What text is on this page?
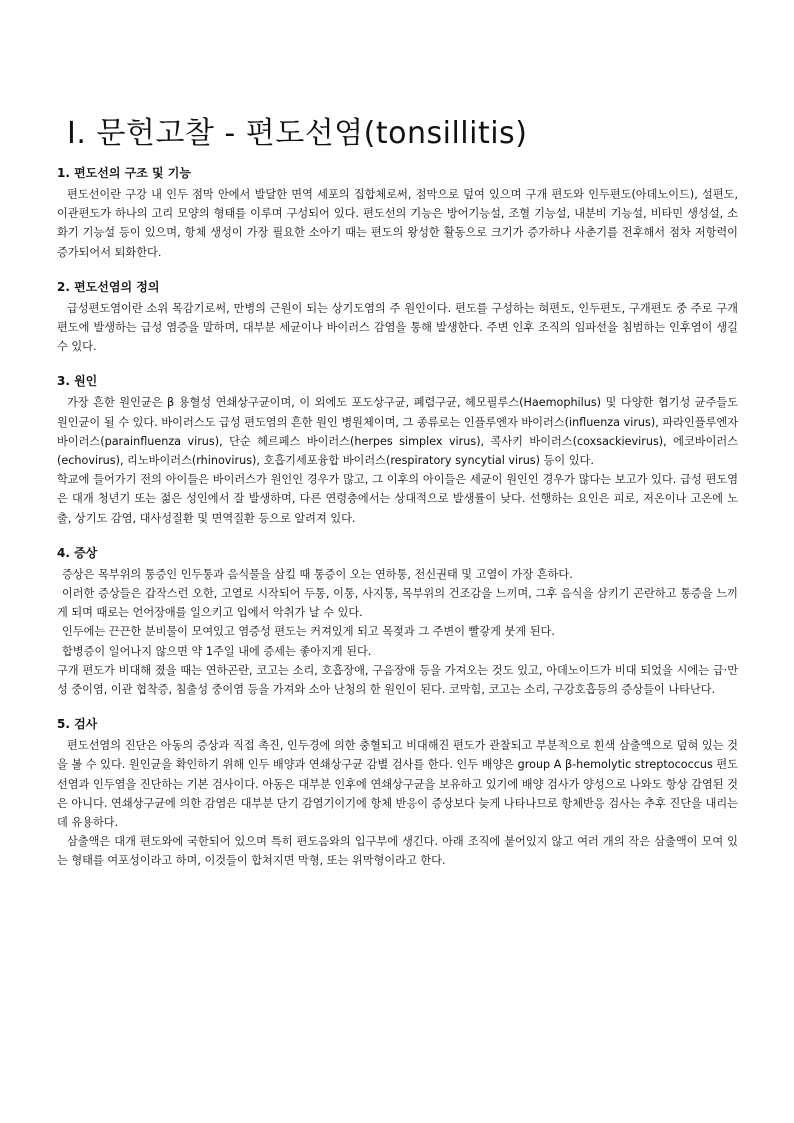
Ⅰ. 문헌고찰 - 편도선염(tonsillitis)
1. 편도선의 구조 및 기능

편도선이란 구강 내 인두 점막 안에서 발달한 면역 세포의 집합체로써, 점막으로 덮여 있으며 구개 편도와 인두편도(아데노이드), 설편도, 이관편도가 하나의 고리 모양의 형태를 이루며 구성되어 있다. 편도선의 기능은 방어기능설, 조혈 기능설, 내분비 기능설, 비타민 생성설, 소화기 기능설 등이 있으며, 항체 생성이 가장 필요한 소아기 때는 편도의 왕성한 활동으로 크기가 증가하나 사춘기를 전후해서 점차 저항력이 증가되어서 퇴화한다.

2. 편도선염의 정의

급성편도염이란 소위 목감기로써, 만병의 근원이 되는 상기도염의 주 원인이다. 편도를 구성하는 혀편도, 인두편도, 구개편도 중 주로 구개편도에 발생하는 급성 염증을 말하며, 대부분 세균이나 바이러스 감염을 통해 발생한다. 주변 인후 조직의 임파선을 침범하는 인후염이 생길 수 있다.

3. 원인

가장 흔한 원인균은 β 용혈성 연쇄상구균이며, 이 외에도 포도상구균, 폐렴구균, 헤모필루스(Haemophilus) 및 다양한 혐기성 균주들도 원인균이 될 수 있다. 바이러스도 급성 편도염의 흔한 원인 병원체이며, 그 종류로는 인플루엔자 바이러스(influenza virus), 파라인플루엔자 바이러스(parainfluenza virus), 단순 헤르페스 바이러스(herpes simplex virus), 콕사키 바이러스(coxsackievirus), 에코바이러스(echovirus), 리노바이러스(rhinovirus), 호흡기세포융합 바이러스(respiratory syncytial virus) 등이 있다.

학교에 들어가기 전의 아이들은 바이러스가 원인인 경우가 많고, 그 이후의 아이들은 세균이 원인인 경우가 많다는 보고가 있다. 급성 편도염은 대개 청년기 또는 젊은 성인에서 잘 발생하며, 다른 연령층에서는 상대적으로 발생률이 낮다. 선행하는 요인은 피로, 저온이나 고온에 노출, 상기도 감염, 대사성질환 및 면역질환 등으로 알려져 있다.

4. 증상

증상은 목부위의 통증인 인두통과 음식물을 삼킬 때 통증이 오는 연하통, 전신권태 및 고열이 가장 흔하다.

이러한 증상들은 갑작스런 오한, 고열로 시작되어 두통, 이통, 사지통, 목부위의 건조감을 느끼며, 그후 음식을 삼키기 곤란하고 통증을 느끼게 되며 때로는 언어장애를 일으키고 입에서 악취가 날 수 있다.

인두에는 끈끈한 분비물이 모여있고 염증성 편도는 커져있게 되고 목젖과 그 주변이 빨갛게 붓게 된다.

합병증이 일어나지 않으면 약 1주일 내에 증세는 좋아지게 된다.

구개 편도가 비대해 졌을 때는 연하곤란, 코고는 소리, 호흡장애, 구음장애 등을 가져오는 것도 있고, 아데노이드가 비대 되었을 시에는 급·만성 중이염, 이관 협착증, 침출성 중이염 등을 가져와 소아 난청의 한 원인이 된다. 코막힘, 코고는 소리, 구강호흡등의 증상들이 나타난다.

5. 검사

편도선염의 진단은 아동의 증상과 직접 촉진, 인두경에 의한 충혈되고 비대해진 편도가 관찰되고 부분적으로 흰색 삼출액으로 덮혀 있는 것을 볼 수 있다. 원인균을 확인하기 위해 인두 배양과 연쇄상구균 감별 검사를 한다. 인두 배양은 group A β-hemolytic streptococcus 편도선염과 인두염을 진단하는 기본 검사이다. 아동은 대부분 인후에 연쇄상구균을 보유하고 있기에 배양 검사가 양성으로 나와도 항상 감염된 것은 아니다. 연쇄상구균에 의한 감염은 대부분 단기 감염기이기에 항체 반응이 증상보다 늦게 나타나므로 항체반응 검사는 추후 진단을 내리는데 유용하다.

삼출액은 대개 편도와에 국한되어 있으며 특히 편도음와의 입구부에 생긴다. 아래 조직에 붙어있지 않고 여러 개의 작은 삼출액이 모여 있는 형태를 여포성이라고 하며, 이것들이 합쳐지면 막형, 또는 위막형이라고 한다.
